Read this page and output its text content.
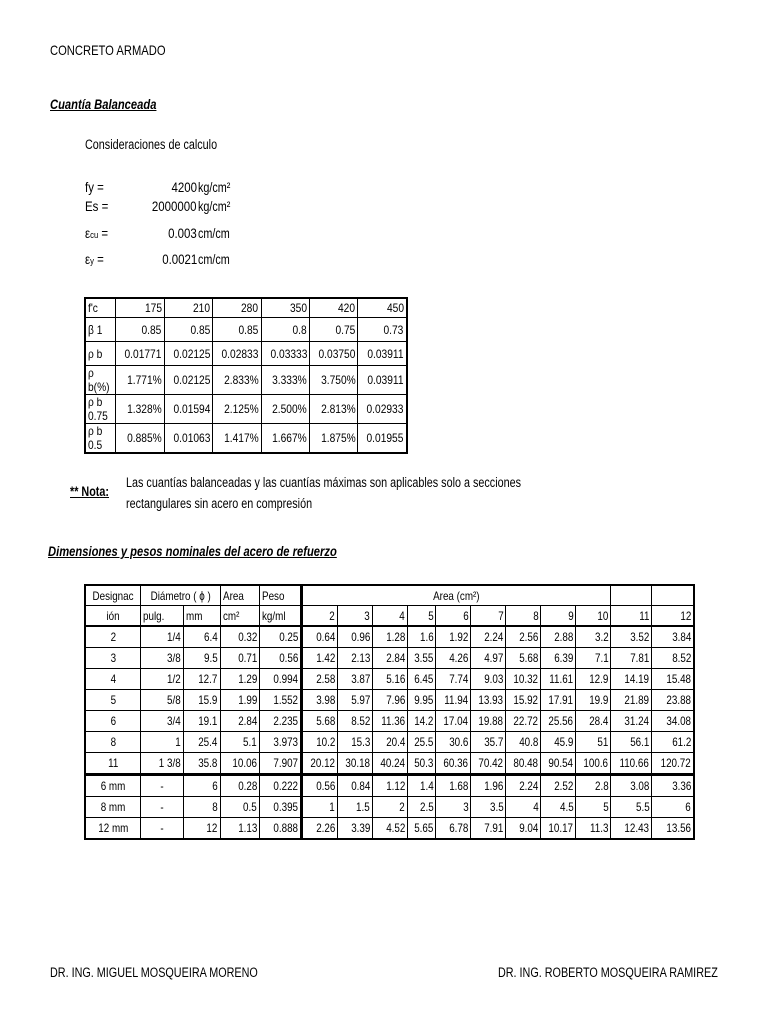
CONCRETO ARMADO
Cuantía Balanceada
Consideraciones de calculo
fy =	4200 kg/cm²
Es =	2000000 kg/cm²
εcu =	0.003 cm/cm
εy =	0.0021 cm/cm
f'c	175	210	280	350	420	450
β 1	0.85	0.85	0.85	0.8	0.75	0.73
ρ b	0.01771	0.02125	0.02833	0.03333	0.03750	0.03911
ρ b(%)	1.771%	0.02125	2.833%	3.333%	3.750%	0.03911
ρ b 0.75	1.328%	0.01594	2.125%	2.500%	2.813%	0.02933
ρ b 0.5	0.885%	0.01063	1.417%	1.667%	1.875%	0.01955
** Nota:
Las cuantías balanceadas y las cuantías máximas son aplicables solo a secciones
rectangulares sin acero en compresión
Dimensiones y pesos nominales del acero de refuerzo
Designac	Diámetro ( ϕ )		Area	Peso	Area (cm²)										
ión	pulg.	mm	cm²	kg/ml	2	3	4	5	6	7	8	9	10	11	12
2	1/4	6.4	0.32	0.25	0.64	0.96	1.28	1.6	1.92	2.24	2.56	2.88	3.2	3.52	3.84
3	3/8	9.5	0.71	0.56	1.42	2.13	2.84	3.55	4.26	4.97	5.68	6.39	7.1	7.81	8.52
4	1/2	12.7	1.29	0.994	2.58	3.87	5.16	6.45	7.74	9.03	10.32	11.61	12.9	14.19	15.48
5	5/8	15.9	1.99	1.552	3.98	5.97	7.96	9.95	11.94	13.93	15.92	17.91	19.9	21.89	23.88
6	3/4	19.1	2.84	2.235	5.68	8.52	11.36	14.2	17.04	19.88	22.72	25.56	28.4	31.24	34.08
8	1	25.4	5.1	3.973	10.2	15.3	20.4	25.5	30.6	35.7	40.8	45.9	51	56.1	61.2
11	1 3/8	35.8	10.06	7.907	20.12	30.18	40.24	50.3	60.36	70.42	80.48	90.54	100.6	110.66	120.72
6 mm	-	6	0.28	0.222	0.56	0.84	1.12	1.4	1.68	1.96	2.24	2.52	2.8	3.08	3.36
8 mm	-	8	0.5	0.395	1	1.5	2	2.5	3	3.5	4	4.5	5	5.5	6
12 mm	-	12	1.13	0.888	2.26	3.39	4.52	5.65	6.78	7.91	9.04	10.17	11.3	12.43	13.56
DR. ING. MIGUEL MOSQUEIRA MORENO	DR. ING. ROBERTO MOSQUEIRA RAMIREZ
